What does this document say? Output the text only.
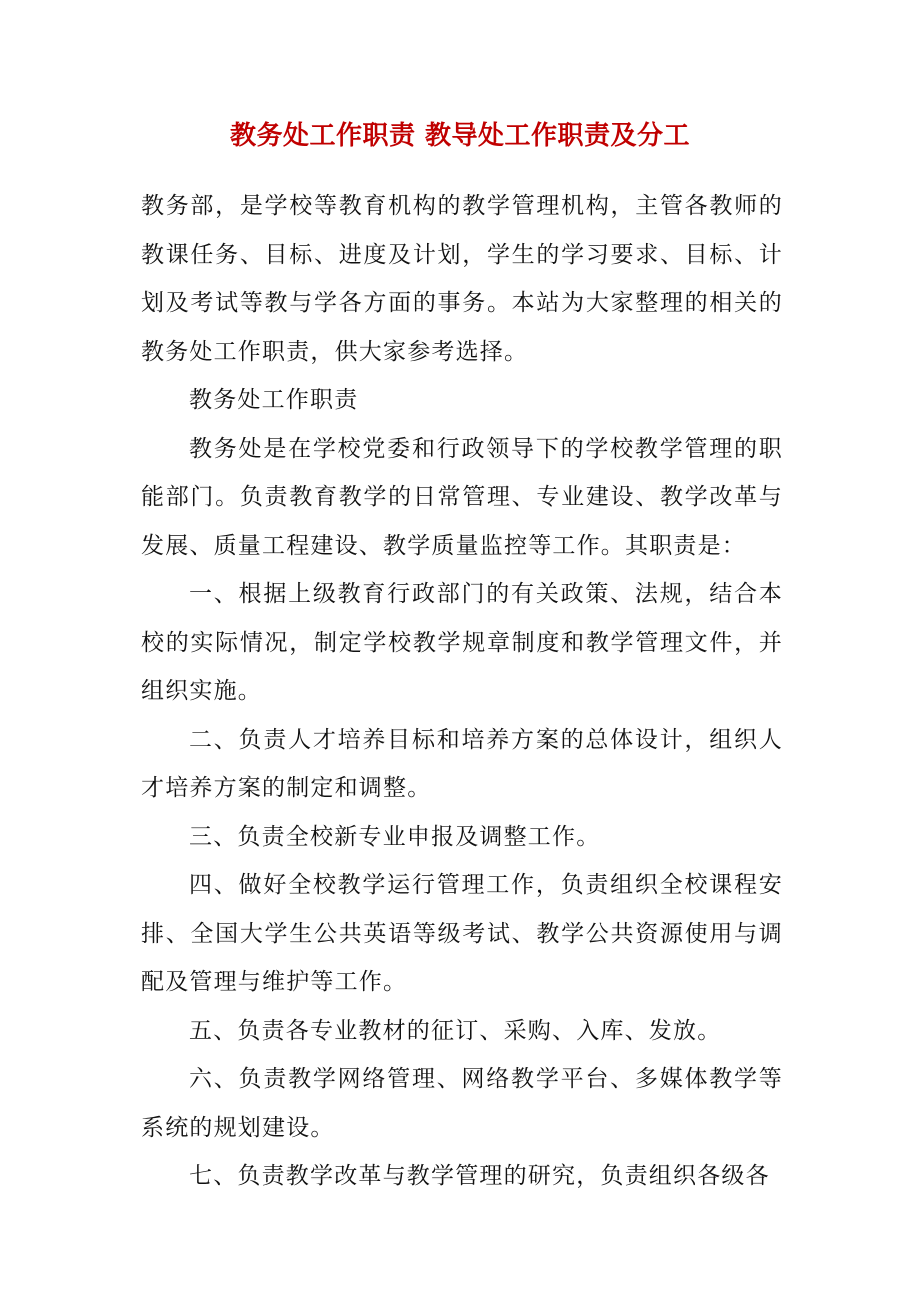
教务处工作职责 教导处工作职责及分工

教务部，是学校等教育机构的教学管理机构，主管各教师的教课任务、目标、进度及计划，学生的学习要求、目标、计划及考试等教与学各方面的事务。本站为大家整理的相关的教务处工作职责，供大家参考选择。

教务处工作职责

教务处是在学校党委和行政领导下的学校教学管理的职能部门。负责教育教学的日常管理、专业建设、教学改革与发展、质量工程建设、教学质量监控等工作。其职责是：

一、根据上级教育行政部门的有关政策、法规，结合本校的实际情况，制定学校教学规章制度和教学管理文件，并组织实施。

二、负责人才培养目标和培养方案的总体设计，组织人才培养方案的制定和调整。

三、负责全校新专业申报及调整工作。

四、做好全校教学运行管理工作，负责组织全校课程安排、全国大学生公共英语等级考试、教学公共资源使用与调配及管理与维护等工作。

五、负责各专业教材的征订、采购、入库、发放。

六、负责教学网络管理、网络教学平台、多媒体教学等系统的规划建设。

七、负责教学改革与教学管理的研究，负责组织各级各
